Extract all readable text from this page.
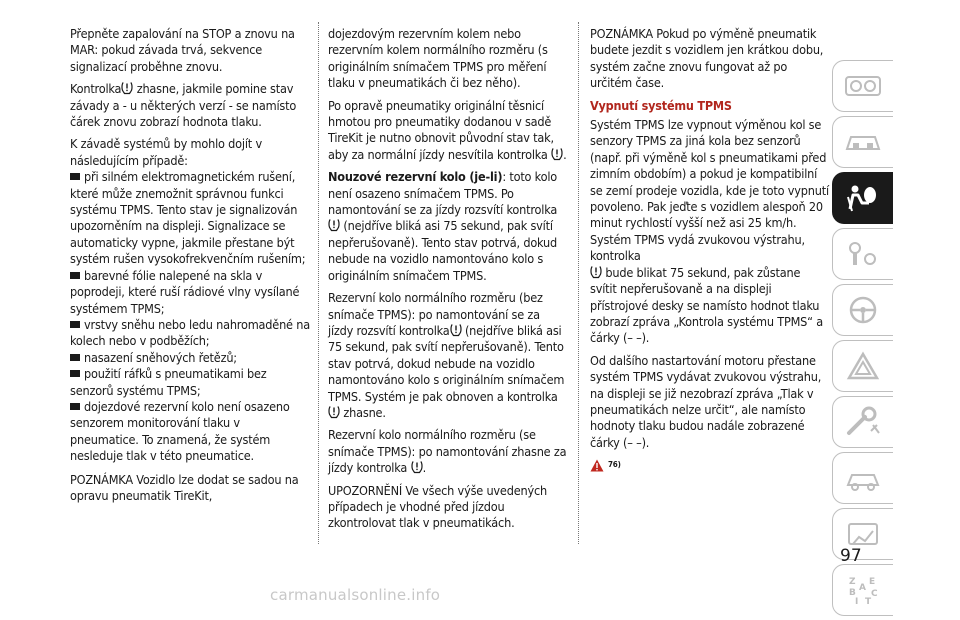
Přepněte zapalování na STOP a znovu na MAR: pokud závada trvá, sekvence signalizací proběhne znovu.

Kontrolka zhasne, jakmile pomine stav závady a - u některých verzí - se namísto čárek znovu zobrazí hodnota tlaku.

K závadě systémů by mohlo dojít v následujícím případě:

při silném elektromagnetickém rušení, které může znemožnit správnou funkci systému TPMS. Tento stav je signalizován upozorněním na displeji. Signalizace se automaticky vypne, jakmile přestane být systém rušen vysokofrekvenčním rušením;
barevné fólie nalepené na skla v poprodeji, které ruší rádiové vlny vysílané systémem TPMS;
vrstvy sněhu nebo ledu nahromaděné na kolech nebo v podběžích;
nasazení sněhových řetězů;
použití ráfků s pneumatikami bez senzorů systému TPMS;
dojezdové rezervní kolo není osazeno senzorem monitorování tlaku v pneumatice. To znamená, že systém nesleduje tlak v této pneumatice.

POZNÁMKA Vozidlo lze dodat se sadou na opravu pneumatik TireKit,

dojezdovým rezervním kolem nebo rezervním kolem normálního rozměru (s originálním snímačem TPMS pro měření tlaku v pneumatikách či bez něho).

Po opravě pneumatiky originální těsnicí hmotou pro pneumatiky dodanou v sadě TireKit je nutno obnovit původní stav tak, aby za normální jízdy nesvítila kontrolka .

Nouzové rezervní kolo (je-li): toto kolo není osazeno snímačem TPMS. Po namontování se za jízdy rozsvítí kontrolka  (nejdříve bliká asi 75 sekund, pak svítí nepřerušovaně). Tento stav potrvá, dokud nebude na vozidlo namontováno kolo s originálním snímačem TPMS.

Rezervní kolo normálního rozměru (bez snímače TPMS): po namontování se za jízdy rozsvítí kontrolka (nejdříve bliká asi 75 sekund, pak svítí nepřerušovaně). Tento stav potrvá, dokud nebude na vozidlo namontováno kolo s originálním snímačem TPMS. Systém je pak obnoven a kontrolka  zhasne.

Rezervní kolo normálního rozměru (se snímače TPMS): po namontování zhasne za jízdy kontrolka .

UPOZORNĚNÍ Ve všech výše uvedených případech je vhodné před jízdou zkontrolovat tlak v pneumatikách.

POZNÁMKA Pokud po výměně pneumatik budete jezdit s vozidlem jen krátkou dobu, systém začne znovu fungovat až po určitém čase.

Vypnutí systému TPMS

Systém TPMS lze vypnout výměnou kol se senzory TPMS za jiná kola bez senzorů (např. při výměně kol s pneumatikami před zimním obdobím) a pokud je kompatibilní se zemí prodeje vozidla, kde je toto vypnutí povoleno. Pak jeďte s vozidlem alespoň 20 minut rychlostí vyšší než asi 25 km/h. Systém TPMS vydá zvukovou výstrahu, kontrolka
bude blikat 75 sekund, pak zůstane svítit nepřerušovaně a na displeji přístrojové desky se namísto hodnot tlaku zobrazí zpráva „Kontrola systému TPMS“ a čárky (– –).

Od dalšího nastartování motoru přestane systém TPMS vydávat zvukovou výstrahu, na displeji se již nezobrazí zpráva „Tlak v pneumatikách nelze určit“, ale namísto hodnoty tlaku budou nadále zobrazené čárky (– –).

76)
Z E
A
B C
I T
97
carmanualsonline.info
